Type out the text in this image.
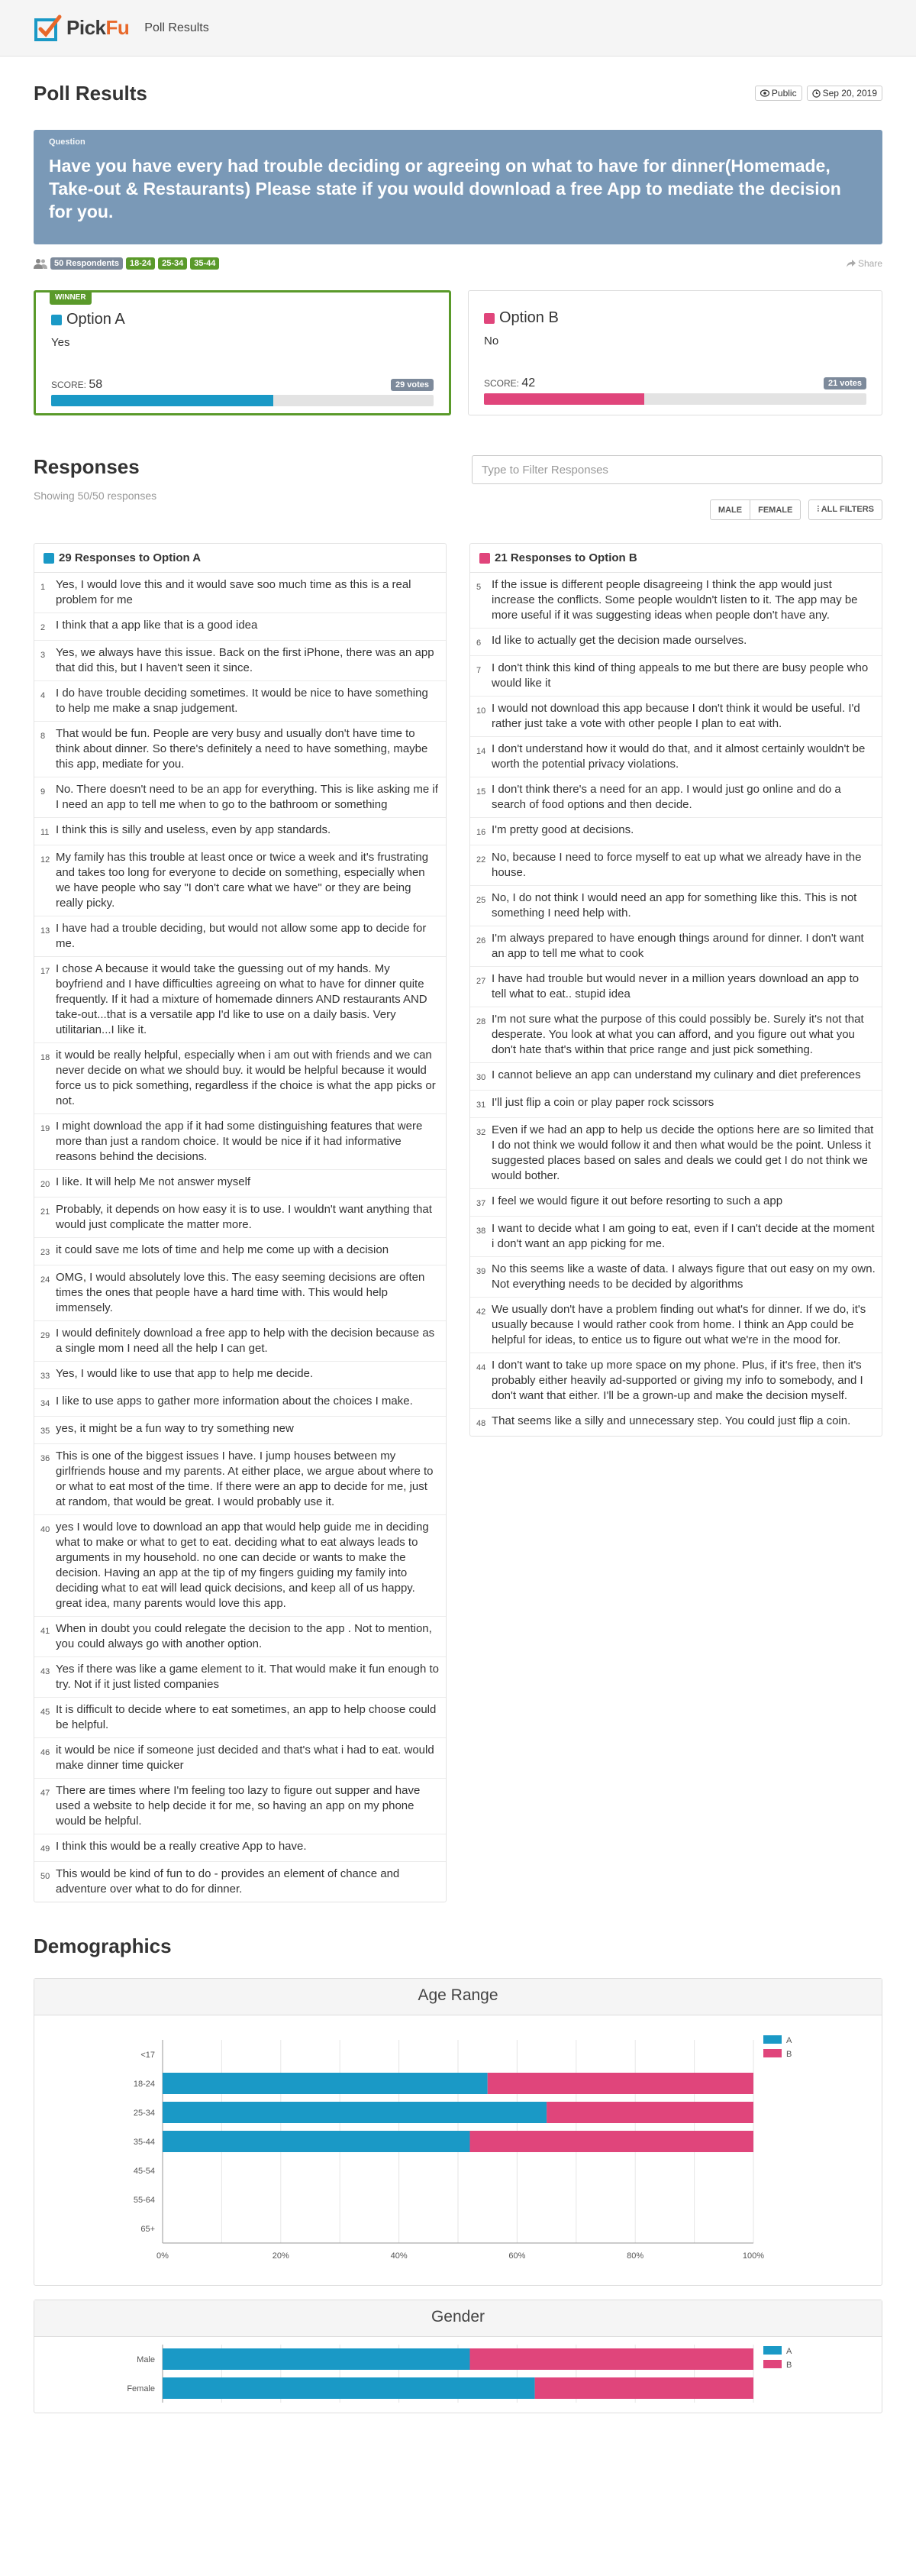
PickFu Poll Results
Poll Results	Public	Sep 20, 2019
Question
Have you have every had trouble deciding or agreeing on what to have for dinner(Homemade, Take-out & Restaurants) Please state if you would download a free App to mediate the decision for you.
50 Respondents	18-24	25-34	35-44	Share
WINNER
Option A
Yes
SCORE: 58	29 votes
Option B
No
SCORE: 42	21 votes
Responses
Showing 50/50 responses
Type to Filter Responses
MALE	FEMALE	⫶ ALL FILTERS
29 Responses to Option A
1 Yes, I would love this and it would save soo much time as this is a real problem for me
2 I think that a app like that is a good idea
3 Yes, we always have this issue. Back on the first iPhone, there was an app that did this, but I haven't seen it since.
4 I do have trouble deciding sometimes. It would be nice to have something to help me make a snap judgement.
8 That would be fun. People are very busy and usually don't have time to think about dinner. So there's definitely a need to have something, maybe this app, mediate for you.
9 No. There doesn't need to be an app for everything. This is like asking me if I need an app to tell me when to go to the bathroom or something
11 I think this is silly and useless, even by app standards.
12 My family has this trouble at least once or twice a week and it's frustrating and takes too long for everyone to decide on something, especially when we have people who say "I don't care what we have" or they are being really picky.
13 I have had a trouble deciding, but would not allow some app to decide for me.
17 I chose A because it would take the guessing out of my hands. My boyfriend and I have difficulties agreeing on what to have for dinner quite frequently. If it had a mixture of homemade dinners AND restaurants AND take-out...that is a versatile app I'd like to use on a daily basis. Very utilitarian...I like it.
18 it would be really helpful, especially when i am out with friends and we can never decide on what we should buy. it would be helpful because it would force us to pick something, regardless if the choice is what the app picks or not.
19 I might download the app if it had some distinguishing features that were more than just a random choice. It would be nice if it had informative reasons behind the decisions.
20 I like. It will help Me not answer myself
21 Probably, it depends on how easy it is to use. I wouldn't want anything that would just complicate the matter more.
23 it could save me lots of time and help me come up with a decision
24 OMG, I would absolutely love this. The easy seeming decisions are often times the ones that people have a hard time with. This would help immensely.
29 I would definitely download a free app to help with the decision because as a single mom I need all the help I can get.
33 Yes, I would like to use that app to help me decide.
34 I like to use apps to gather more information about the choices I make.
35 yes, it might be a fun way to try something new
36 This is one of the biggest issues I have. I jump houses between my girlfriends house and my parents. At either place, we argue about where to or what to eat most of the time. If there were an app to decide for me, just at random, that would be great. I would probably use it.
40 yes I would love to download an app that would help guide me in deciding what to make or what to get to eat. deciding what to eat always leads to arguments in my household. no one can decide or wants to make the decision. Having an app at the tip of my fingers guiding my family into deciding what to eat will lead quick decisions, and keep all of us happy. great idea, many parents would love this app.
41 When in doubt you could relegate the decision to the app . Not to mention, you could always go with another option.
43 Yes if there was like a game element to it. That would make it fun enough to try. Not if it just listed companies
45 It is difficult to decide where to eat sometimes, an app to help choose could be helpful.
46 it would be nice if someone just decided and that's what i had to eat. would make dinner time quicker
47 There are times where I'm feeling too lazy to figure out supper and have used a website to help decide it for me, so having an app on my phone would be helpful.
49 I think this would be a really creative App to have.
50 This would be kind of fun to do - provides an element of chance and adventure over what to do for dinner.
21 Responses to Option B
5 If the issue is different people disagreeing I think the app would just increase the conflicts. Some people wouldn't listen to it. The app may be more useful if it was suggesting ideas when people don't have any.
6 Id like to actually get the decision made ourselves.
7 I don't think this kind of thing appeals to me but there are busy people who would like it
10 I would not download this app because I don't think it would be useful. I'd rather just take a vote with other people I plan to eat with.
14 I don't understand how it would do that, and it almost certainly wouldn't be worth the potential privacy violations.
15 I don't think there's a need for an app. I would just go online and do a search of food options and then decide.
16 I'm pretty good at decisions.
22 No, because I need to force myself to eat up what we already have in the house.
25 No, I do not think I would need an app for something like this. This is not something I need help with.
26 I'm always prepared to have enough things around for dinner. I don't want an app to tell me what to cook
27 I have had trouble but would never in a million years download an app to tell what to eat.. stupid idea
28 I'm not sure what the purpose of this could possibly be. Surely it's not that desperate. You look at what you can afford, and you figure out what you don't hate that's within that price range and just pick something.
30 I cannot believe an app can understand my culinary and diet preferences
31 I'll just flip a coin or play paper rock scissors
32 Even if we had an app to help us decide the options here are so limited that I do not think we would follow it and then what would be the point. Unless it suggested places based on sales and deals we could get I do not think we would bother.
37 I feel we would figure it out before resorting to such a app
38 I want to decide what I am going to eat, even if I can't decide at the moment i don't want an app picking for me.
39 No this seems like a waste of data. I always figure that out easy on my own. Not everything needs to be decided by algorithms
42 We usually don't have a problem finding out what's for dinner. If we do, it's usually because I would rather cook from home. I think an App could be helpful for ideas, to entice us to figure out what we're in the mood for.
44 I don't want to take up more space on my phone. Plus, if it's free, then it's probably either heavily ad-supported or giving my info to somebody, and I don't want that either. I'll be a grown-up and make the decision myself.
48 That seems like a silly and unnecessary step. You could just flip a coin.
Demographics
Age Range
<17
18-24
25-34
35-44
45-54
55-64
65+
0%	20%	40%	60%	80%	100%
A
B
Gender
Male
Female
A
B
